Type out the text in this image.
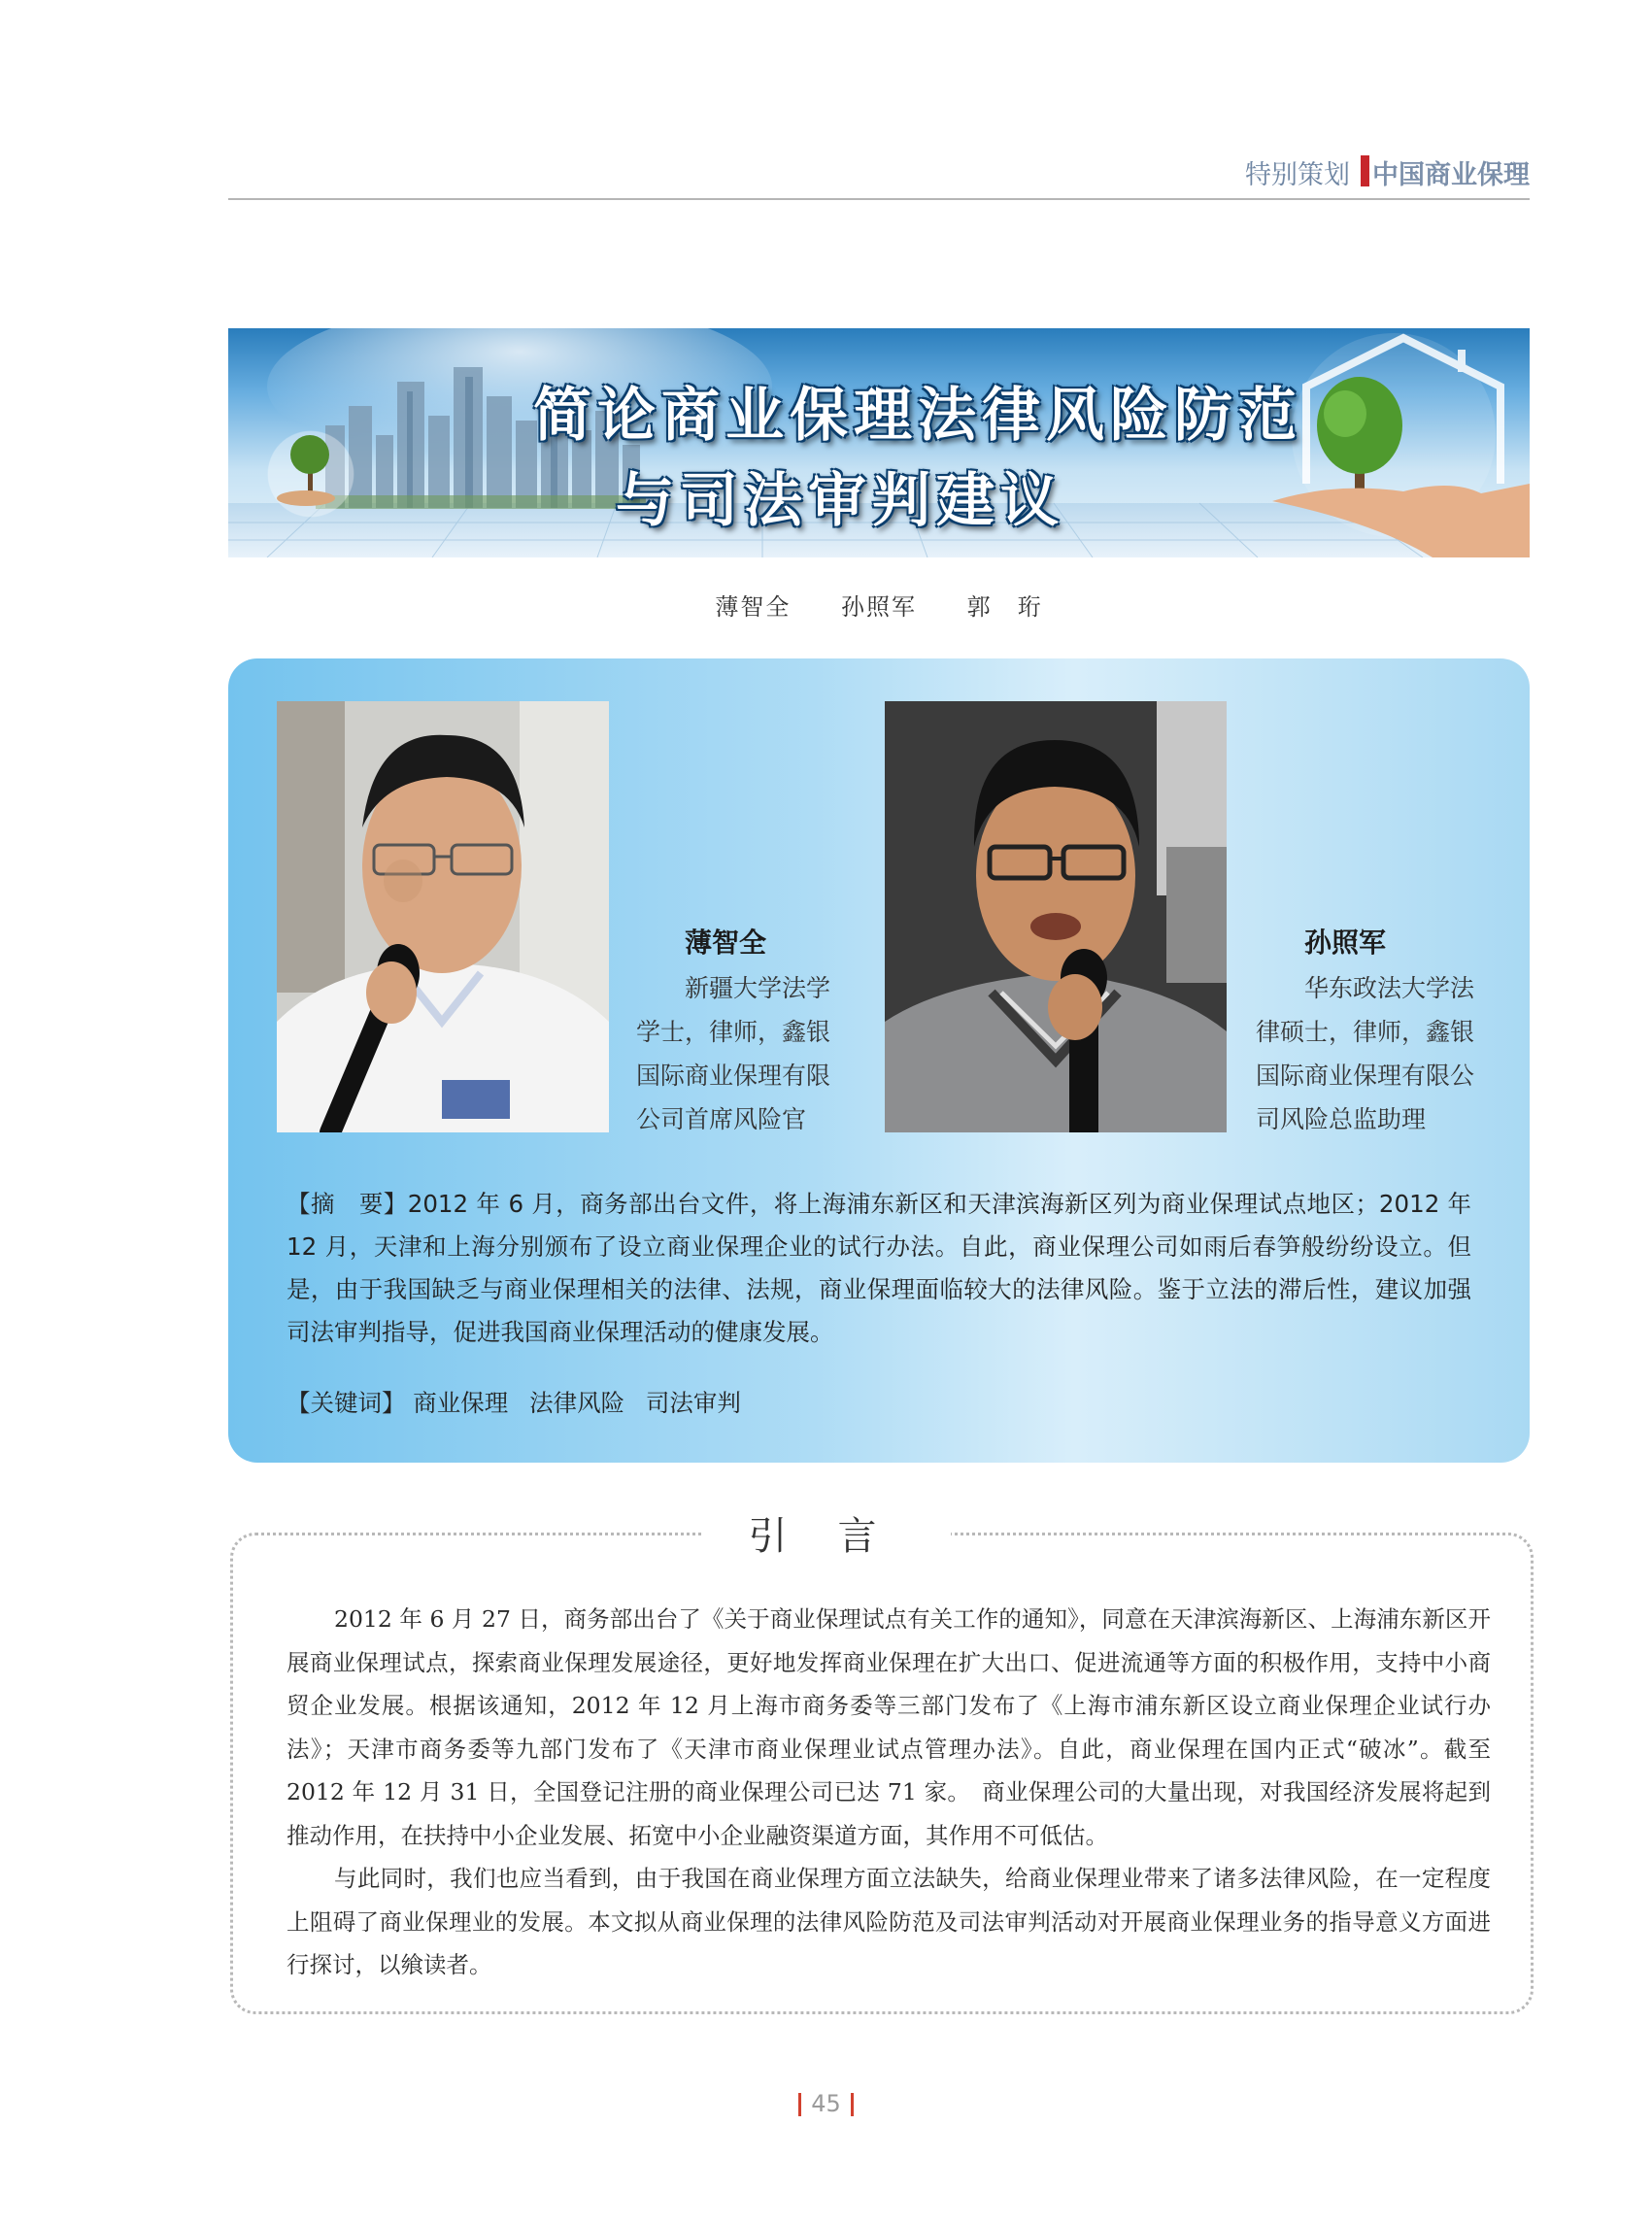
特别策划 中国商业保理
简论商业保理法律风险防范
与司法审判建议
薄智全 孙照军 郭　珩
薄智全
新疆大学法学
学士，律师，鑫银
国际商业保理有限
公司首席风险官
孙照军
华东政法大学法
律硕士，律师，鑫银
国际商业保理有限公
司风险总监助理
【摘　要】2012 年 6 月，商务部出台文件，将上海浦东新区和天津滨海新区列为商业保理试点地区；2012 年 12 月，天津和上海分别颁布了设立商业保理企业的试行办法。自此，商业保理公司如雨后春笋般纷纷设立。但是，由于我国缺乏与商业保理相关的法律、法规，商业保理面临较大的法律风险。鉴于立法的滞后性，建议加强司法审判指导，促进我国商业保理活动的健康发展。
【关键词】 商业保理 法律风险 司法审判
引言

2012 年 6 月 27 日，商务部出台了《关于商业保理试点有关工作的通知》，同意在天津滨海新区、上海浦东新区开展商业保理试点，探索商业保理发展途径，更好地发挥商业保理在扩大出口、促进流通等方面的积极作用，支持中小商贸企业发展。根据该通知，2012 年 12 月上海市商务委等三部门发布了《上海市浦东新区设立商业保理企业试行办法》；天津市商务委等九部门发布了《天津市商业保理业试点管理办法》。自此，商业保理在国内正式“破冰”。截至 2012 年 12 月 31 日，全国登记注册的商业保理公司已达 71 家。　商业保理公司的大量出现，对我国经济发展将起到推动作用，在扶持中小企业发展、拓宽中小企业融资渠道方面，其作用不可低估。

与此同时，我们也应当看到，由于我国在商业保理方面立法缺失，给商业保理业带来了诸多法律风险，在一定程度上阻碍了商业保理业的发展。本文拟从商业保理的法律风险防范及司法审判活动对开展商业保理业务的指导意义方面进行探讨，以飨读者。

45
